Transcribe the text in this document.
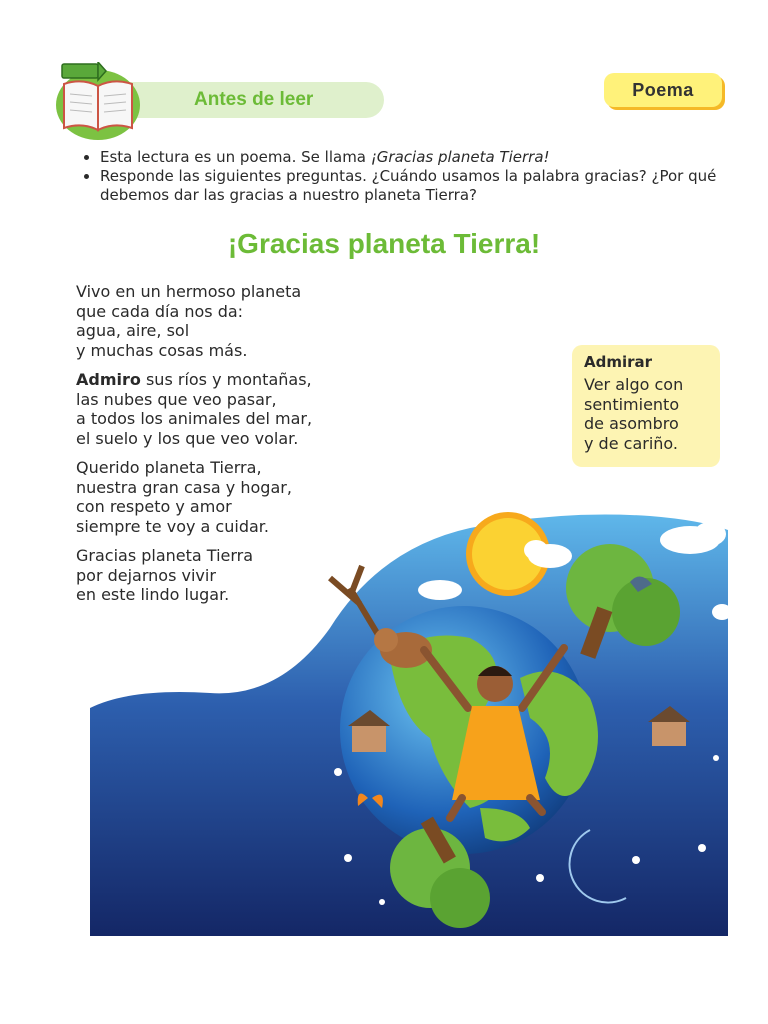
Antes de leer	Poema
• Esta lectura es un poema. Se llama ¡Gracias planeta Tierra!
• Responde las siguientes preguntas. ¿Cuándo usamos la palabra gracias? ¿Por qué debemos dar las gracias a nuestro planeta Tierra?
¡Gracias planeta Tierra!
Vivo en un hermoso planeta
que cada día nos da:
agua, aire, sol
y muchas cosas más.
Admiro sus ríos y montañas,
las nubes que veo pasar,
a todos los animales del mar,
el suelo y los que veo volar.
Querido planeta Tierra,
nuestra gran casa y hogar,
con respeto y amor
siempre te voy a cuidar.
Gracias planeta Tierra
por dejarnos vivir
en este lindo lugar.
Admirar
Ver algo con
sentimiento
de asombro
y de cariño.
